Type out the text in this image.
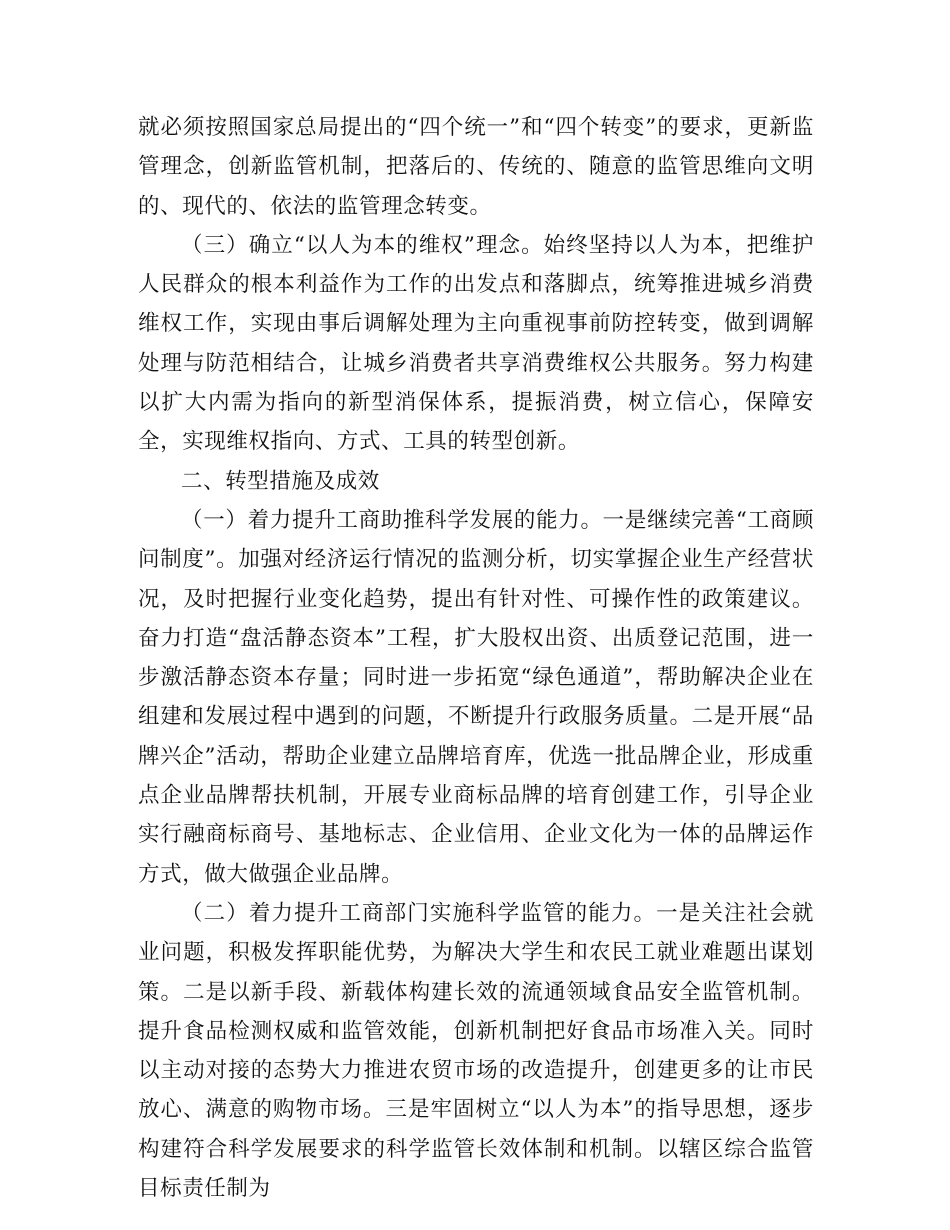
就必须按照国家总局提出的“四个统一”和“四个转变”的要求，更新监管理念，创新监管机制，把落后的、传统的、随意的监管思维向文明的、现代的、依法的监管理念转变。

（三）确立“以人为本的维权”理念。始终坚持以人为本，把维护人民群众的根本利益作为工作的出发点和落脚点，统筹推进城乡消费维权工作，实现由事后调解处理为主向重视事前防控转变，做到调解处理与防范相结合，让城乡消费者共享消费维权公共服务。努力构建以扩大内需为指向的新型消保体系，提振消费，树立信心，保障安全，实现维权指向、方式、工具的转型创新。

二、转型措施及成效

（一）着力提升工商助推科学发展的能力。一是继续完善“工商顾问制度”。加强对经济运行情况的监测分析，切实掌握企业生产经营状况，及时把握行业变化趋势，提出有针对性、可操作性的政策建议。奋力打造“盘活静态资本”工程，扩大股权出资、出质登记范围，进一步激活静态资本存量；同时进一步拓宽“绿色通道”，帮助解决企业在组建和发展过程中遇到的问题，不断提升行政服务质量。二是开展“品牌兴企”活动，帮助企业建立品牌培育库，优选一批品牌企业，形成重点企业品牌帮扶机制，开展专业商标品牌的培育创建工作，引导企业实行融商标商号、基地标志、企业信用、企业文化为一体的品牌运作方式，做大做强企业品牌。

（二）着力提升工商部门实施科学监管的能力。一是关注社会就业问题，积极发挥职能优势，为解决大学生和农民工就业难题出谋划策。二是以新手段、新载体构建长效的流通领域食品安全监管机制。提升食品检测权威和监管效能，创新机制把好食品市场准入关。同时以主动对接的态势大力推进农贸市场的改造提升，创建更多的让市民放心、满意的购物市场。三是牢固树立“以人为本”的指导思想，逐步构建符合科学发展要求的科学监管长效体制和机制。以辖区综合监管目标责任制为
